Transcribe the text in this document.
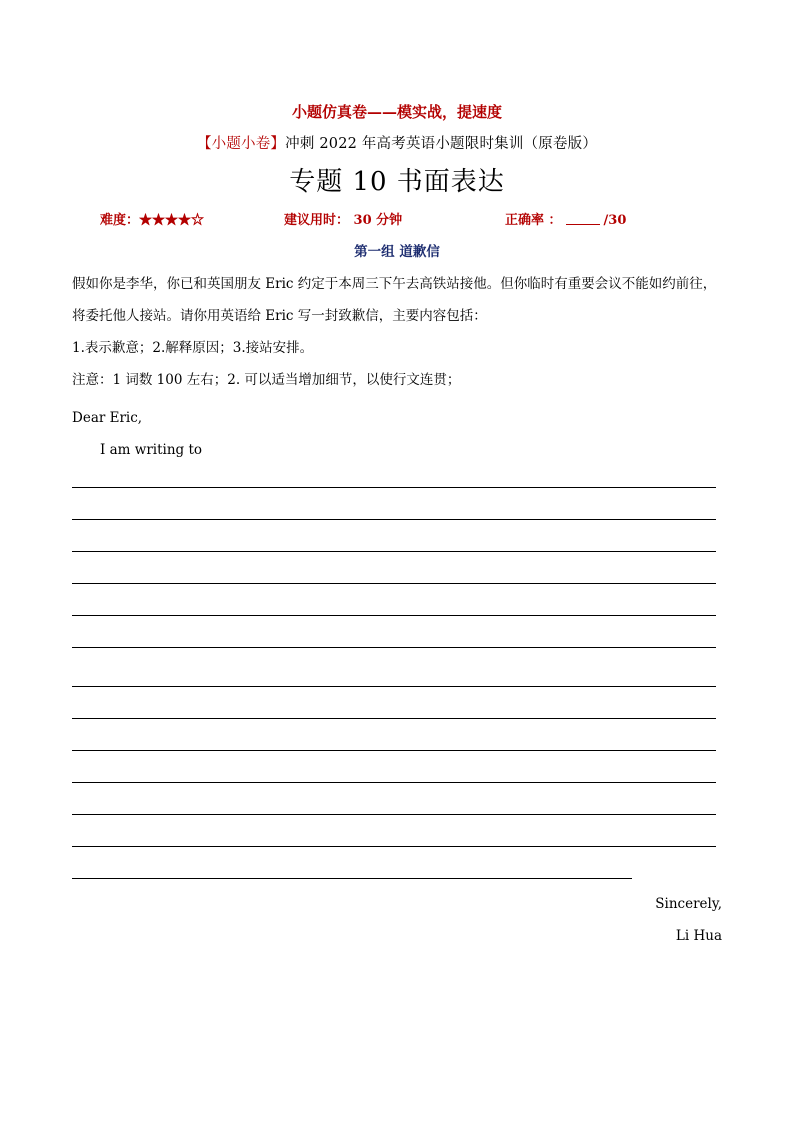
小题仿真卷——模实战，提速度
【小题小卷】冲刺 2022 年高考英语小题限时集训（原卷版）
专题 10 书面表达
难度：★★★★☆	建议用时： 30 分钟	正确率 ：	/30
第一组 道歉信
假如你是李华，你已和英国朋友 Eric 约定于本周三下午去高铁站接他。但你临时有重要会议不能如约前往，
将委托他人接站。请你用英语给 Eric 写一封致歉信，主要内容包括：
1.表示歉意；2.解释原因；3.接站安排。
注意：1 词数 100 左右；2. 可以适当增加细节，以使行文连贯；
Dear Eric,
I am writing to
Sincerely,
Li Hua
